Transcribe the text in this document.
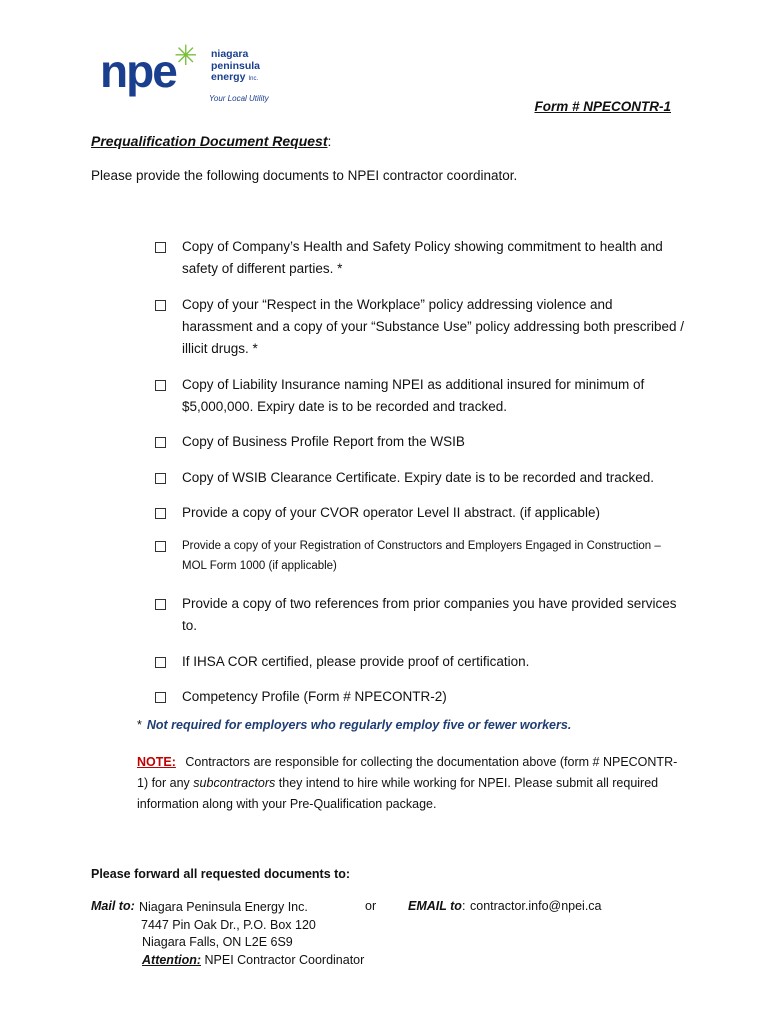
npe
✳ niagara
peninsula
energy Inc.
Your Local Utility
Form # NPECONTR-1
Prequalification Document Request:
Please provide the following documents to NPEI contractor coordinator.
Copy of Company’s Health and Safety Policy showing commitment to health and safety of different parties. *
Copy of your “Respect in the Workplace” policy addressing violence and harassment and a copy of your “Substance Use” policy addressing both prescribed / illicit drugs. *
Copy of Liability Insurance naming NPEI as additional insured for minimum of $5,000,000. Expiry date is to be recorded and tracked.
Copy of Business Profile Report from the WSIB
Copy of WSIB Clearance Certificate. Expiry date is to be recorded and tracked.
Provide a copy of your CVOR operator Level II abstract. (if applicable)
Provide a copy of your Registration of Constructors and Employers Engaged in Construction – MOL Form 1000 (if applicable)
Provide a copy of two references from prior companies you have provided services to.
If IHSA COR certified, please provide proof of certification.
Competency Profile (Form # NPECONTR-2)
* Not required for employers who regularly employ five or fewer workers.
NOTE: Contractors are responsible for collecting the documentation above (form # NPECONTR-1) for any subcontractors they intend to hire while working for NPEI. Please submit all required information along with your Pre-Qualification package.
Please forward all requested documents to:
Mail to: Niagara Peninsula Energy Inc.
7447 Pin Oak Dr., P.O. Box 120
Niagara Falls, ON L2E 6S9
Attention: NPEI Contractor Coordinator
or	EMAIL to: contractor.info@npei.ca
